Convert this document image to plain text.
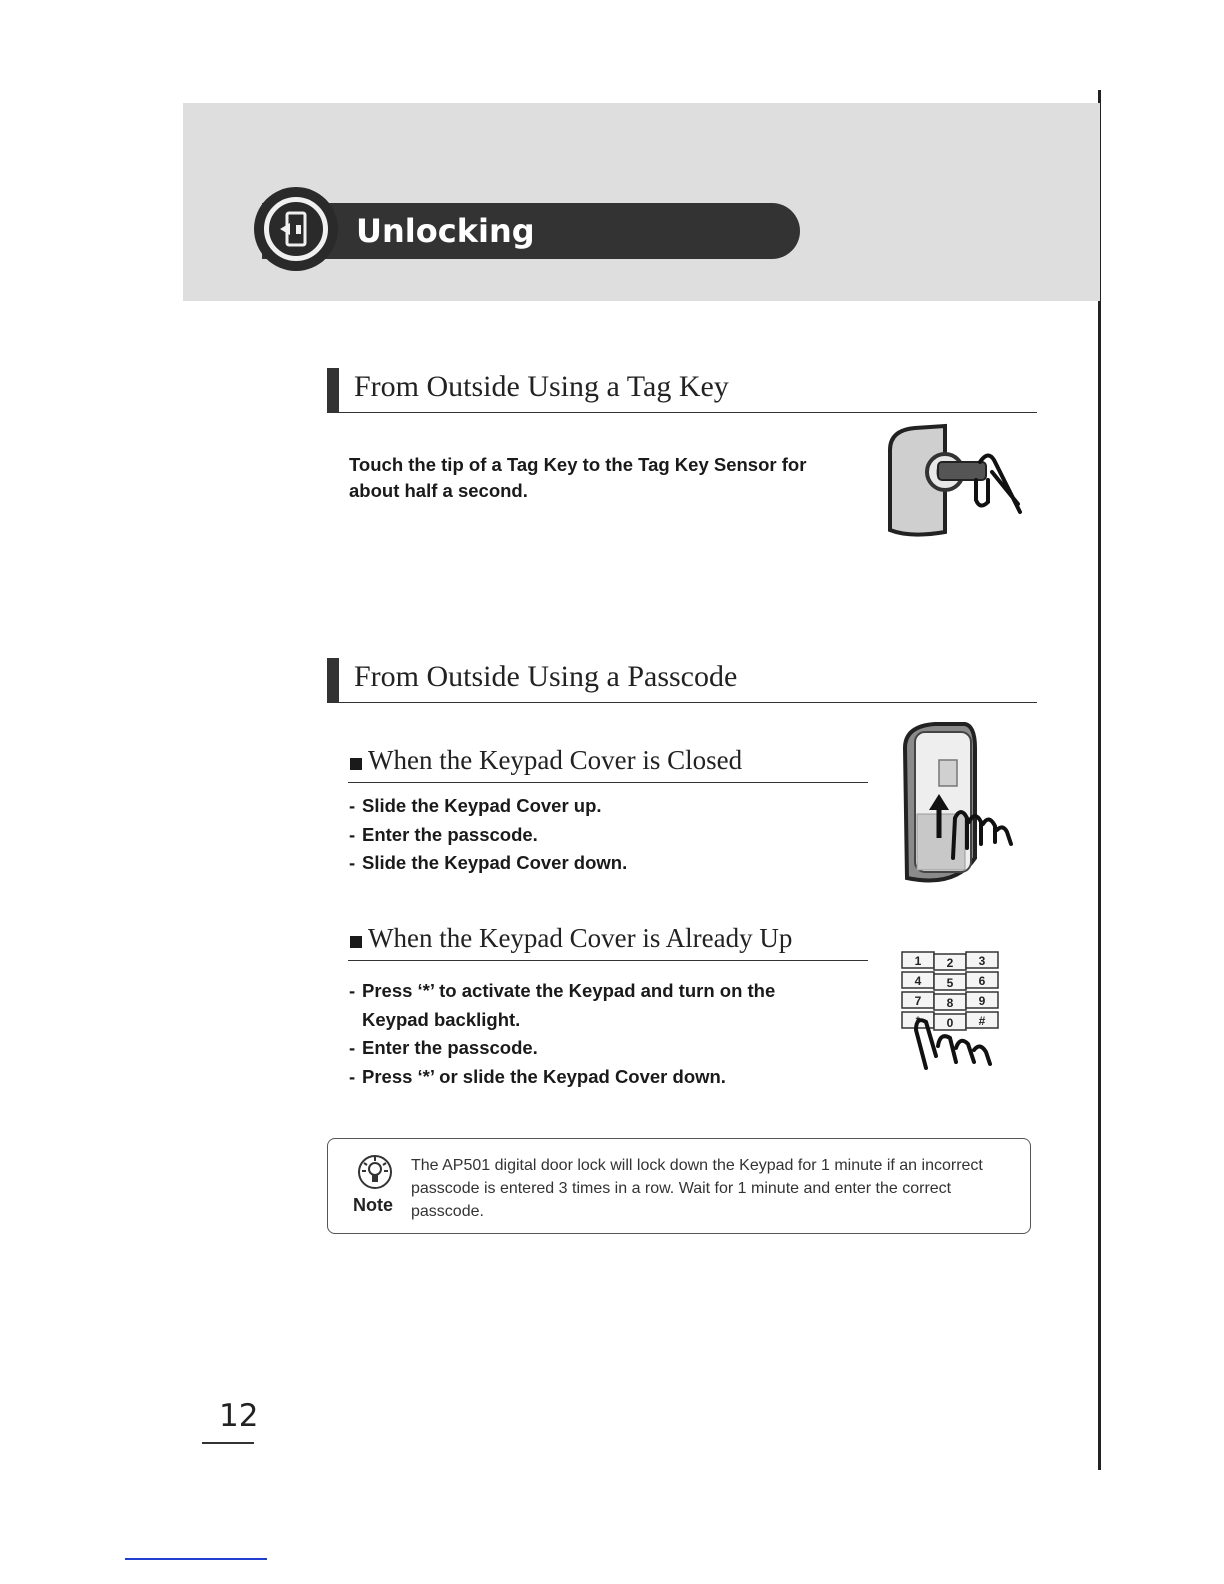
Unlocking
From Outside Using a Tag Key
Touch the tip of a Tag Key to the Tag Key Sensor for about half a second.
From Outside Using a Passcode
When the Keypad Cover is Closed
- Slide the Keypad Cover up.
- Enter the passcode.
- Slide the Keypad Cover down.
When the Keypad Cover is Already Up
- Press ‘*’ to activate the Keypad and turn on the Keypad backlight.
- Enter the passcode.
- Press ‘*’ or slide the Keypad Cover down.
1 2 3
4 5 6
7 8 9
* 0 #
Note
The AP501 digital door lock will lock down the Keypad for 1 minute if an incorrect passcode is entered 3 times in a row. Wait for 1 minute and enter the correct passcode.
12
